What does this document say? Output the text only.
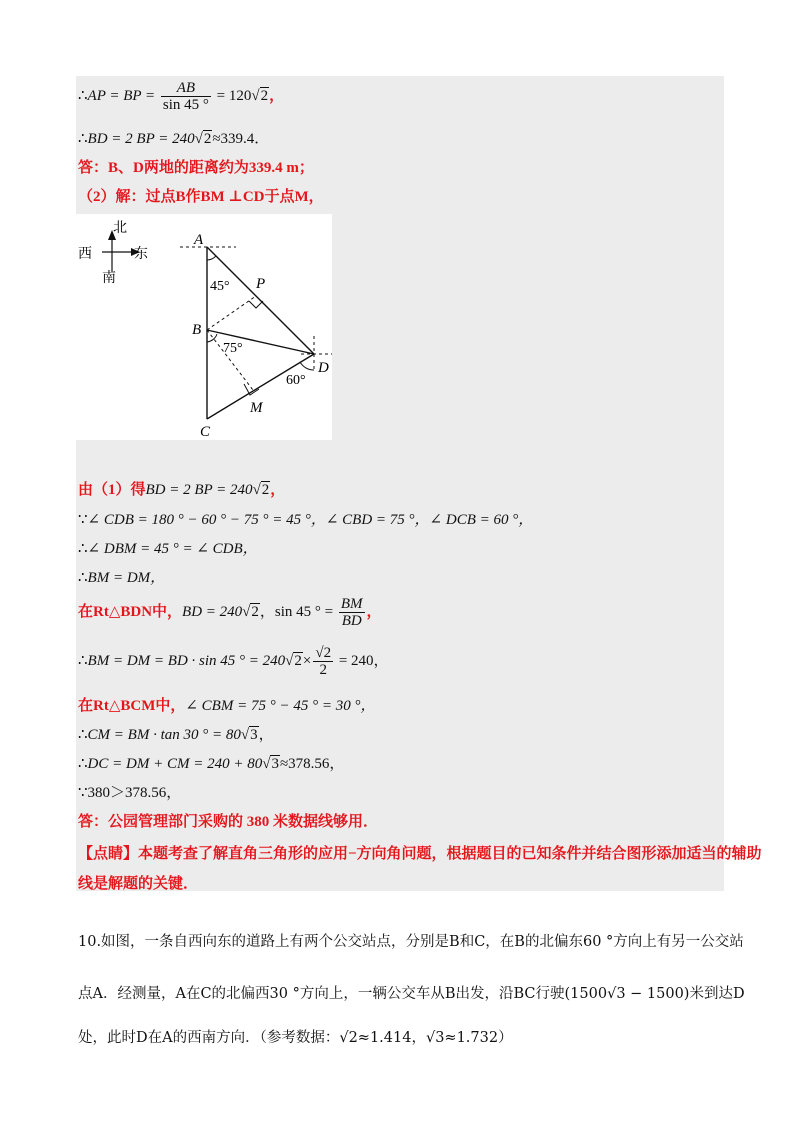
∴AP = BP = $\frac{AB}{\sin 45 ^\circ} = 120√2$，
∴BD = 2 BP = 240√2≈339.4．
答：B、D两地的距离约为339.4 m；
（2）解：过点B作BM ⊥CD于点M，
北
南
西	东
A
B
C
D
P
M
45°
75°
60°
由（1）得BD = 2 BP = 240√2，
∵∠ CDB = 180 ° − 60 ° − 75 ° = 45 °，∠ CBD = 75 °，∠ DCB = 60 °，
∴∠ DBM = 45 ° = ∠ CDB，
∴BM = DM，
在Rt△BDN中，BD = 240√2，sin 45 ° = $\frac{BM}{BD}$ ，
∴BM = DM = BD · sin 45 ° = $240√2\times \frac{√2}{2} = 240$，
在Rt△BCM中，∠ CBM = 75 ° − 45 ° = 30 °，
∴CM = BM · tan 30 ° = 80√3，
∴DC = DM + CM = 240 + 80√3≈378.56，
∵380＞378.56，
答：公园管理部门采购的 380 米数据线够用．
【点睛】本题考查了解直角三角形的应用−方向角问题，根据题目的已知条件并结合图形添加适当的辅助
线是解题的关键．
10.如图，一条自西向东的道路上有两个公交站点，分别是B和C，在B的北偏东60 °方向上有另一公交站
点A．经测量，A在C的北偏西30 °方向上，一辆公交车从B出发，沿BC行驶(1500√3 − 1500)米到达D
处，此时D在A的西南方向．（参考数据：√2≈1.414，√3≈1.732）
